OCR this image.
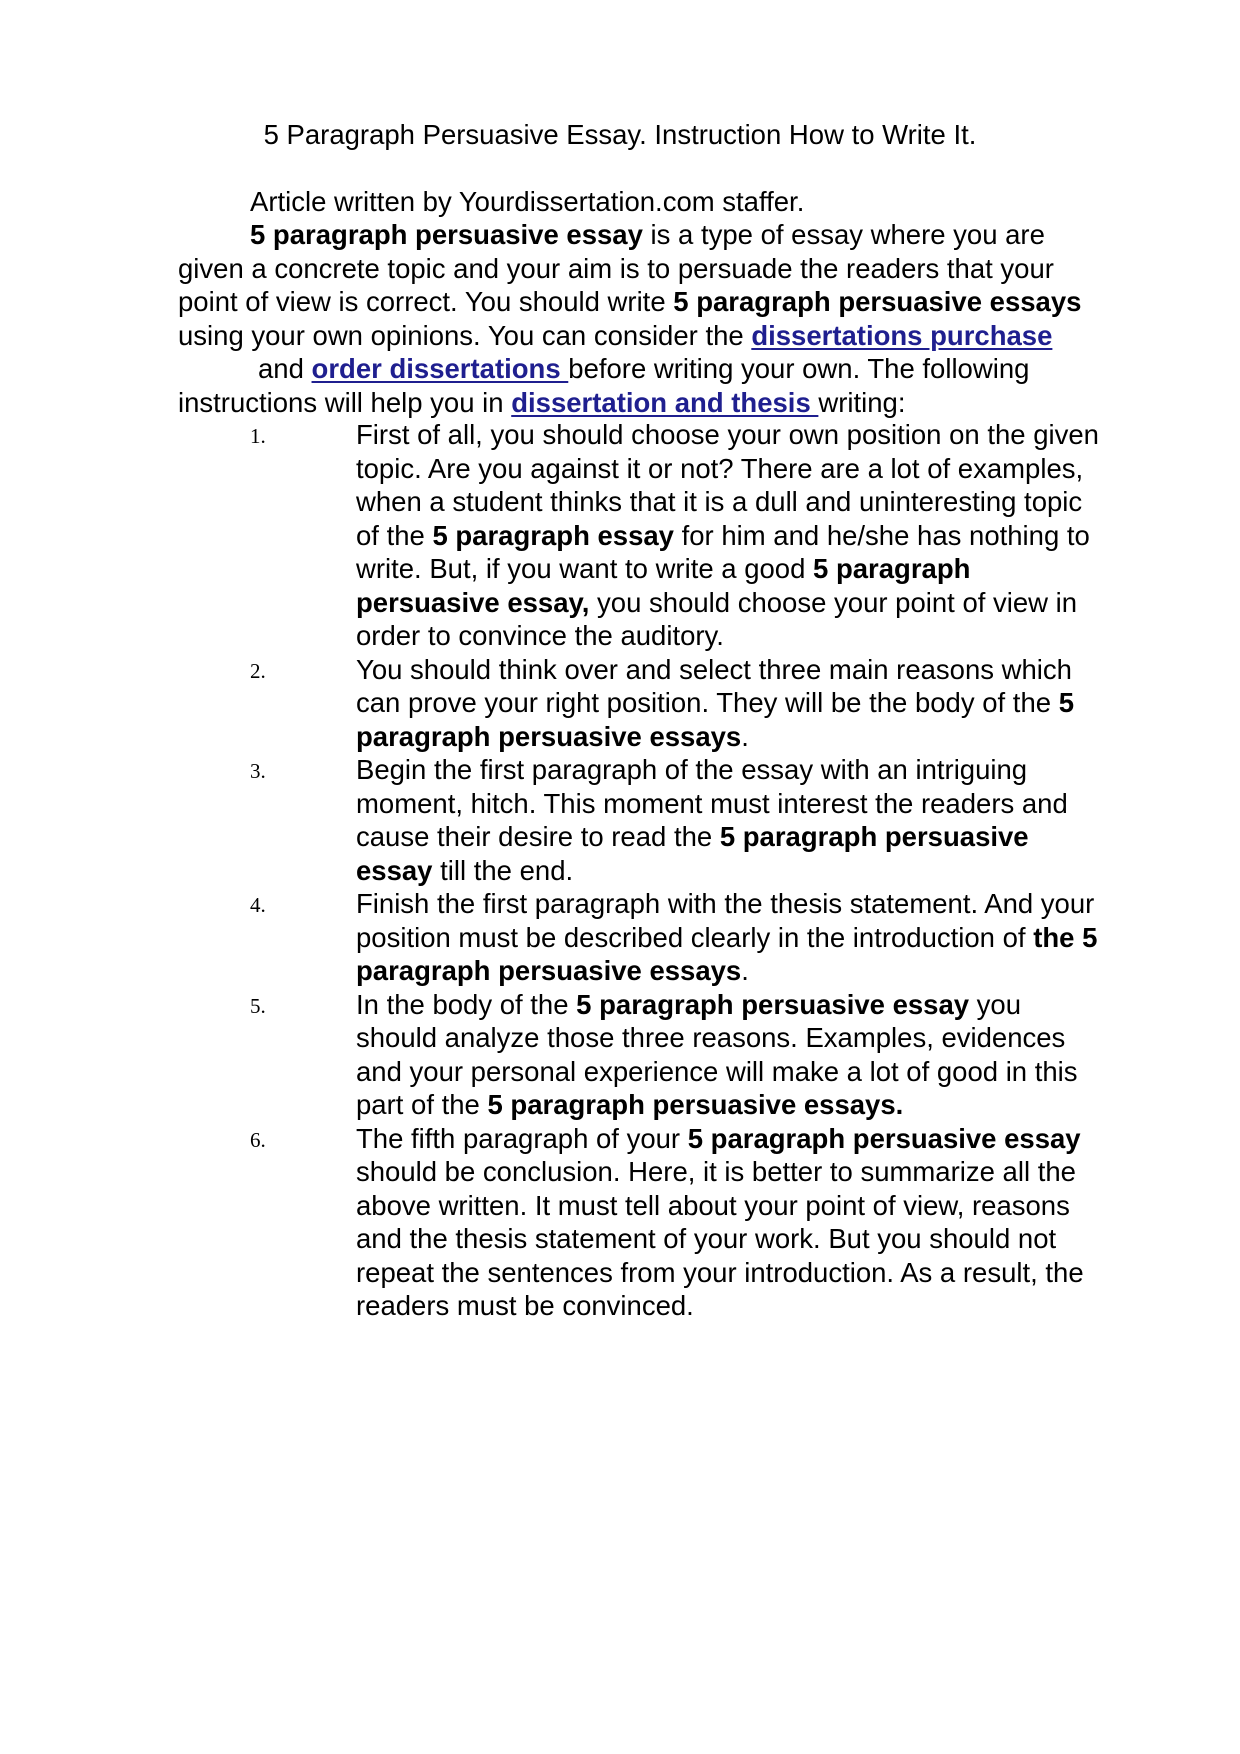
5 Paragraph Persuasive Essay. Instruction How to Write It.
Article written by Yourdissertation.com staffer.
5 paragraph persuasive essay is a type of essay where you are
given a concrete topic and your aim is to persuade the readers that your
point of view is correct. You should write 5 paragraph persuasive essays
using your own opinions. You can consider the dissertations purchase
and order dissertations before writing your own. The following
instructions will help you in dissertation and thesis writing:
1.	First of all, you should choose your own position on the given
topic. Are you against it or not? There are a lot of examples,
when a student thinks that it is a dull and uninteresting topic
of the 5 paragraph essay for him and he/she has nothing to
write. But, if you want to write a good 5 paragraph
persuasive essay, you should choose your point of view in
order to convince the auditory.
2.	You should think over and select three main reasons which
can prove your right position. They will be the body of the 5
paragraph persuasive essays.
3.	Begin the first paragraph of the essay with an intriguing
moment, hitch. This moment must interest the readers and
cause their desire to read the 5 paragraph persuasive
essay till the end.
4.	Finish the first paragraph with the thesis statement. And your
position must be described clearly in the introduction of the 5
paragraph persuasive essays.
5.	In the body of the 5 paragraph persuasive essay you
should analyze those three reasons. Examples, evidences
and your personal experience will make a lot of good in this
part of the 5 paragraph persuasive essays.
6.	The fifth paragraph of your 5 paragraph persuasive essay
should be conclusion. Here, it is better to summarize all the
above written. It must tell about your point of view, reasons
and the thesis statement of your work. But you should not
repeat the sentences from your introduction. As a result, the
readers must be convinced.
